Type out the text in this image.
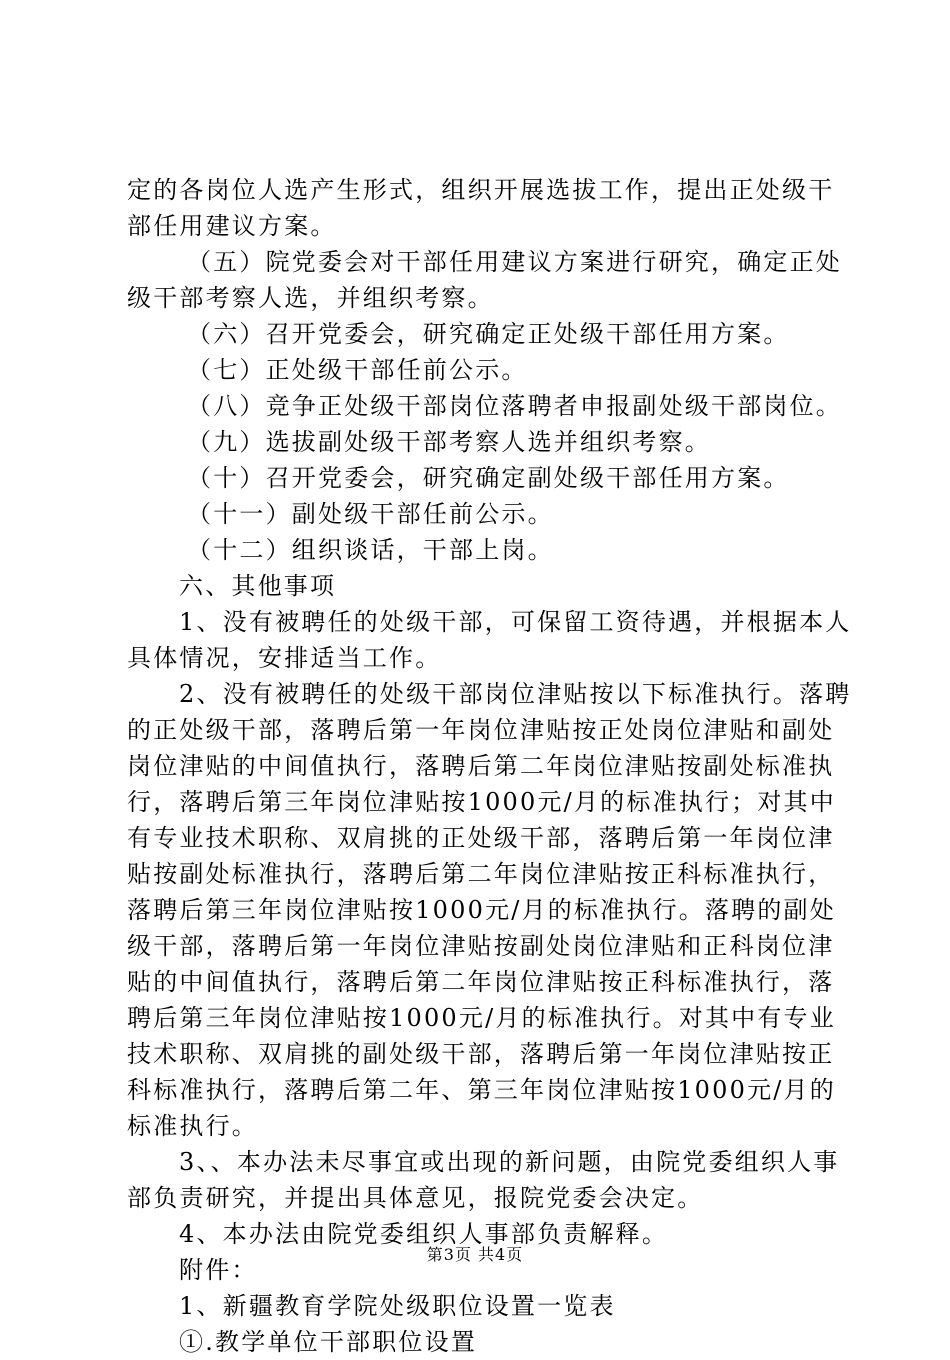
定的各岗位人选产生形式，组织开展选拔工作，提出正处级干
部任用建议方案。
（五）院党委会对干部任用建议方案进行研究，确定正处
级干部考察人选，并组织考察。
（六）召开党委会，研究确定正处级干部任用方案。
（七）正处级干部任前公示。
（八）竞争正处级干部岗位落聘者申报副处级干部岗位。
（九）选拔副处级干部考察人选并组织考察。
（十）召开党委会，研究确定副处级干部任用方案。
（十一）副处级干部任前公示。
（十二）组织谈话，干部上岗。
六、其他事项
1、没有被聘任的处级干部，可保留工资待遇，并根据本人
具体情况，安排适当工作。
2、没有被聘任的处级干部岗位津贴按以下标准执行。落聘
的正处级干部，落聘后第一年岗位津贴按正处岗位津贴和副处
岗位津贴的中间值执行，落聘后第二年岗位津贴按副处标准执
行，落聘后第三年岗位津贴按1000元/月的标准执行；对其中
有专业技术职称、双肩挑的正处级干部，落聘后第一年岗位津
贴按副处标准执行，落聘后第二年岗位津贴按正科标准执行，
落聘后第三年岗位津贴按1000元/月的标准执行。落聘的副处
级干部，落聘后第一年岗位津贴按副处岗位津贴和正科岗位津
贴的中间值执行，落聘后第二年岗位津贴按正科标准执行，落
聘后第三年岗位津贴按1000元/月的标准执行。对其中有专业
技术职称、双肩挑的副处级干部，落聘后第一年岗位津贴按正
科标准执行，落聘后第二年、第三年岗位津贴按1000元/月的
标准执行。
3、、本办法未尽事宜或出现的新问题，由院党委组织人事
部负责研究，并提出具体意见，报院党委会决定。
4、本办法由院党委组织人事部负责解释。
附件：
1、新疆教育学院处级职位设置一览表
①.教学单位干部职位设置
第3页 共4页
